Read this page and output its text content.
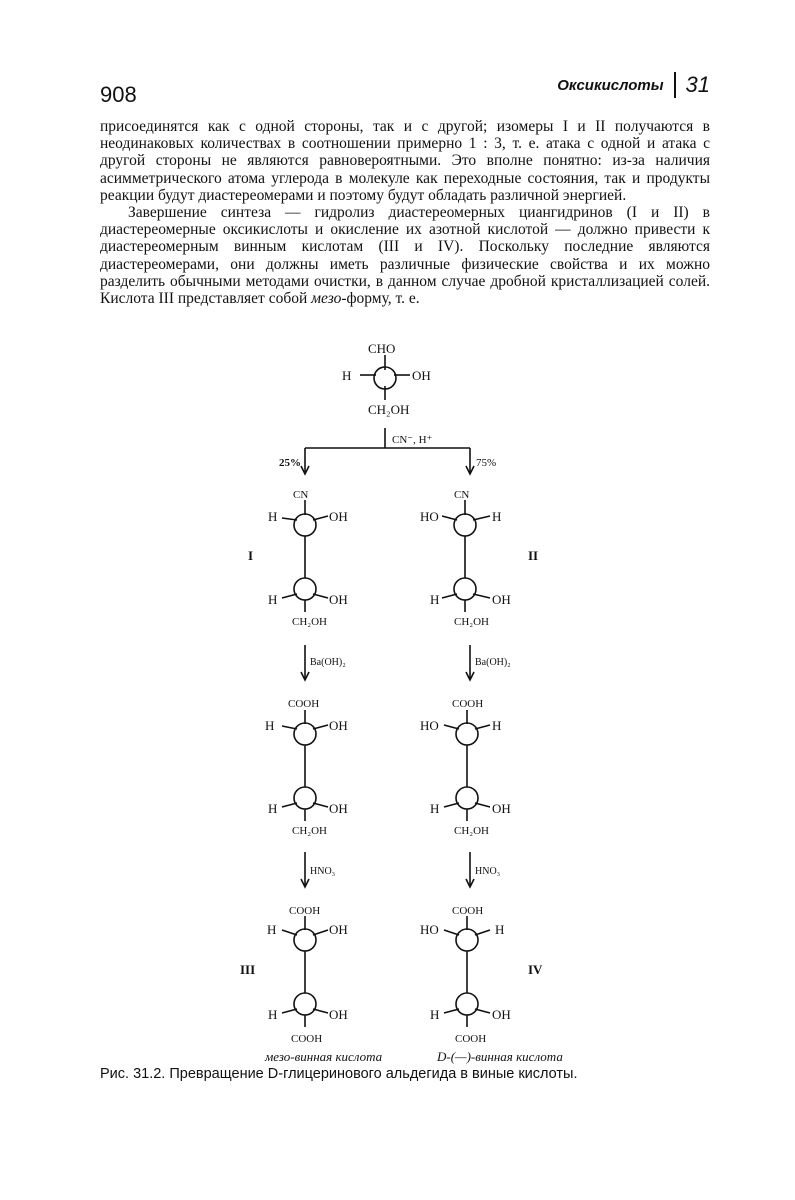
908	Оксикислоты 31

присоединятся как с одной стороны, так и с другой; изомеры I и II получаются в неодинаковых количествах в соотношении примерно 1 : 3, т. е. атака с одной и атака с другой стороны не являются равновероятными. Это вполне понятно: из-за наличия асимметрического атома углерода в молекуле как переходные состояния, так и продукты реакции будут диастереомерами и поэтому будут обладать различной энергией.

Завершение синтеза — гидролиз диастереомерных циангидринов (I и II) в диастереомерные оксикислоты и окисление их азотной кислотой — должно привести к диастереомерным винным кислотам (III и IV). Поскольку последние являются диастереомерами, они должны иметь различные физические свойства и их можно разделить обычными методами очистки, в данном случае дробной кристаллизацией солей. Кислота III представляет собой мезо-форму, т. е.

CHO
H	OH
CH₂OH
CN⁻, H⁺
25%	75%
CN
H	OH
H	OH
CH₂OH
I
CN
HO	H
H	OH
CH₂OH
II
Ba(OH)₂	Ba(OH)₂
COOH
H	OH
H	OH
CH₂OH
COOH
HO	H
H	OH
CH₂OH
HNO₃	HNO₃
COOH
H	OH
H	OH
COOH
III
COOH
HO	H
H	OH
COOH
IV
мезо-винная кислота	D-(—)-винная кислота
Рис. 31.2. Превращение D-глицеринового альдегида в виные кислоты.
